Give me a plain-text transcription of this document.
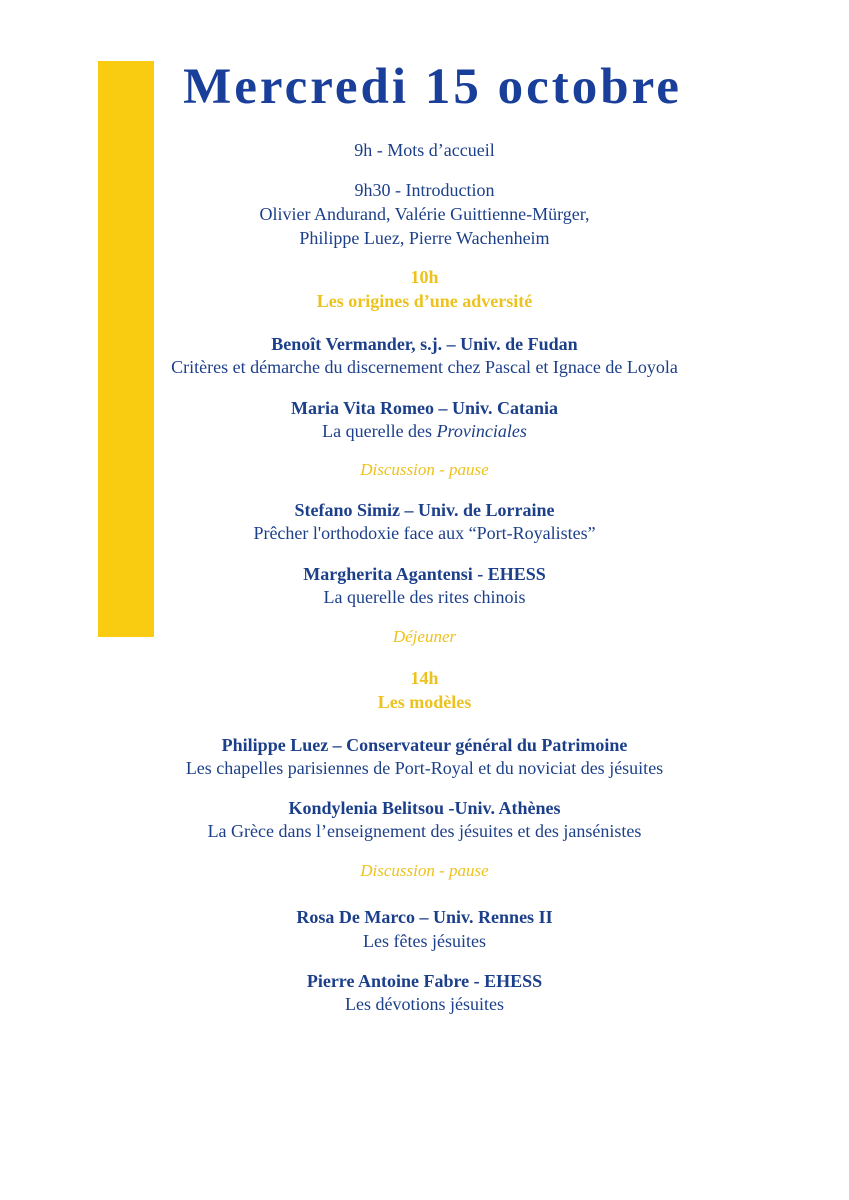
Mercredi 15 octobre
9h - Mots d’accueil
9h30 - Introduction
Olivier Andurand, Valérie Guittienne-Mürger,
Philippe Luez, Pierre Wachenheim
10h
Les origines d’une adversité
Benoît Vermander, s.j. – Univ. de Fudan
Critères et démarche du discernement chez Pascal et Ignace de Loyola
Maria Vita Romeo – Univ. Catania
La querelle des Provinciales
Discussion - pause
Stefano Simiz – Univ. de Lorraine
Prêcher l'orthodoxie face aux “Port-Royalistes”
Margherita Agantensi - EHESS
La querelle des rites chinois
Déjeuner
14h
Les modèles
Philippe Luez – Conservateur général du Patrimoine
Les chapelles parisiennes de Port-Royal et du noviciat des jésuites
Kondylenia Belitsou -Univ. Athènes
La Grèce dans l’enseignement des jésuites et des jansénistes
Discussion - pause
Rosa De Marco – Univ. Rennes II
Les fêtes jésuites
Pierre Antoine Fabre - EHESS
Les dévotions jésuites
